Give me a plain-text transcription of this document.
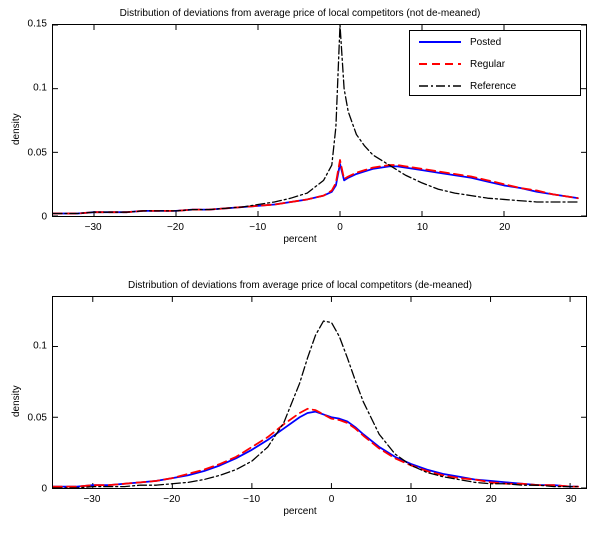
Distribution of deviations from average price of local competitors (not de-meaned)
density
percent
Posted
Regular
Reference
−30	−20	−10	0	10	20
0
0.05
0.1
0.15
Distribution of deviations from average price of local competitors (de-meaned)
density
percent
−30	−20	−10	0	10	20	30
0
0.05
0.1
